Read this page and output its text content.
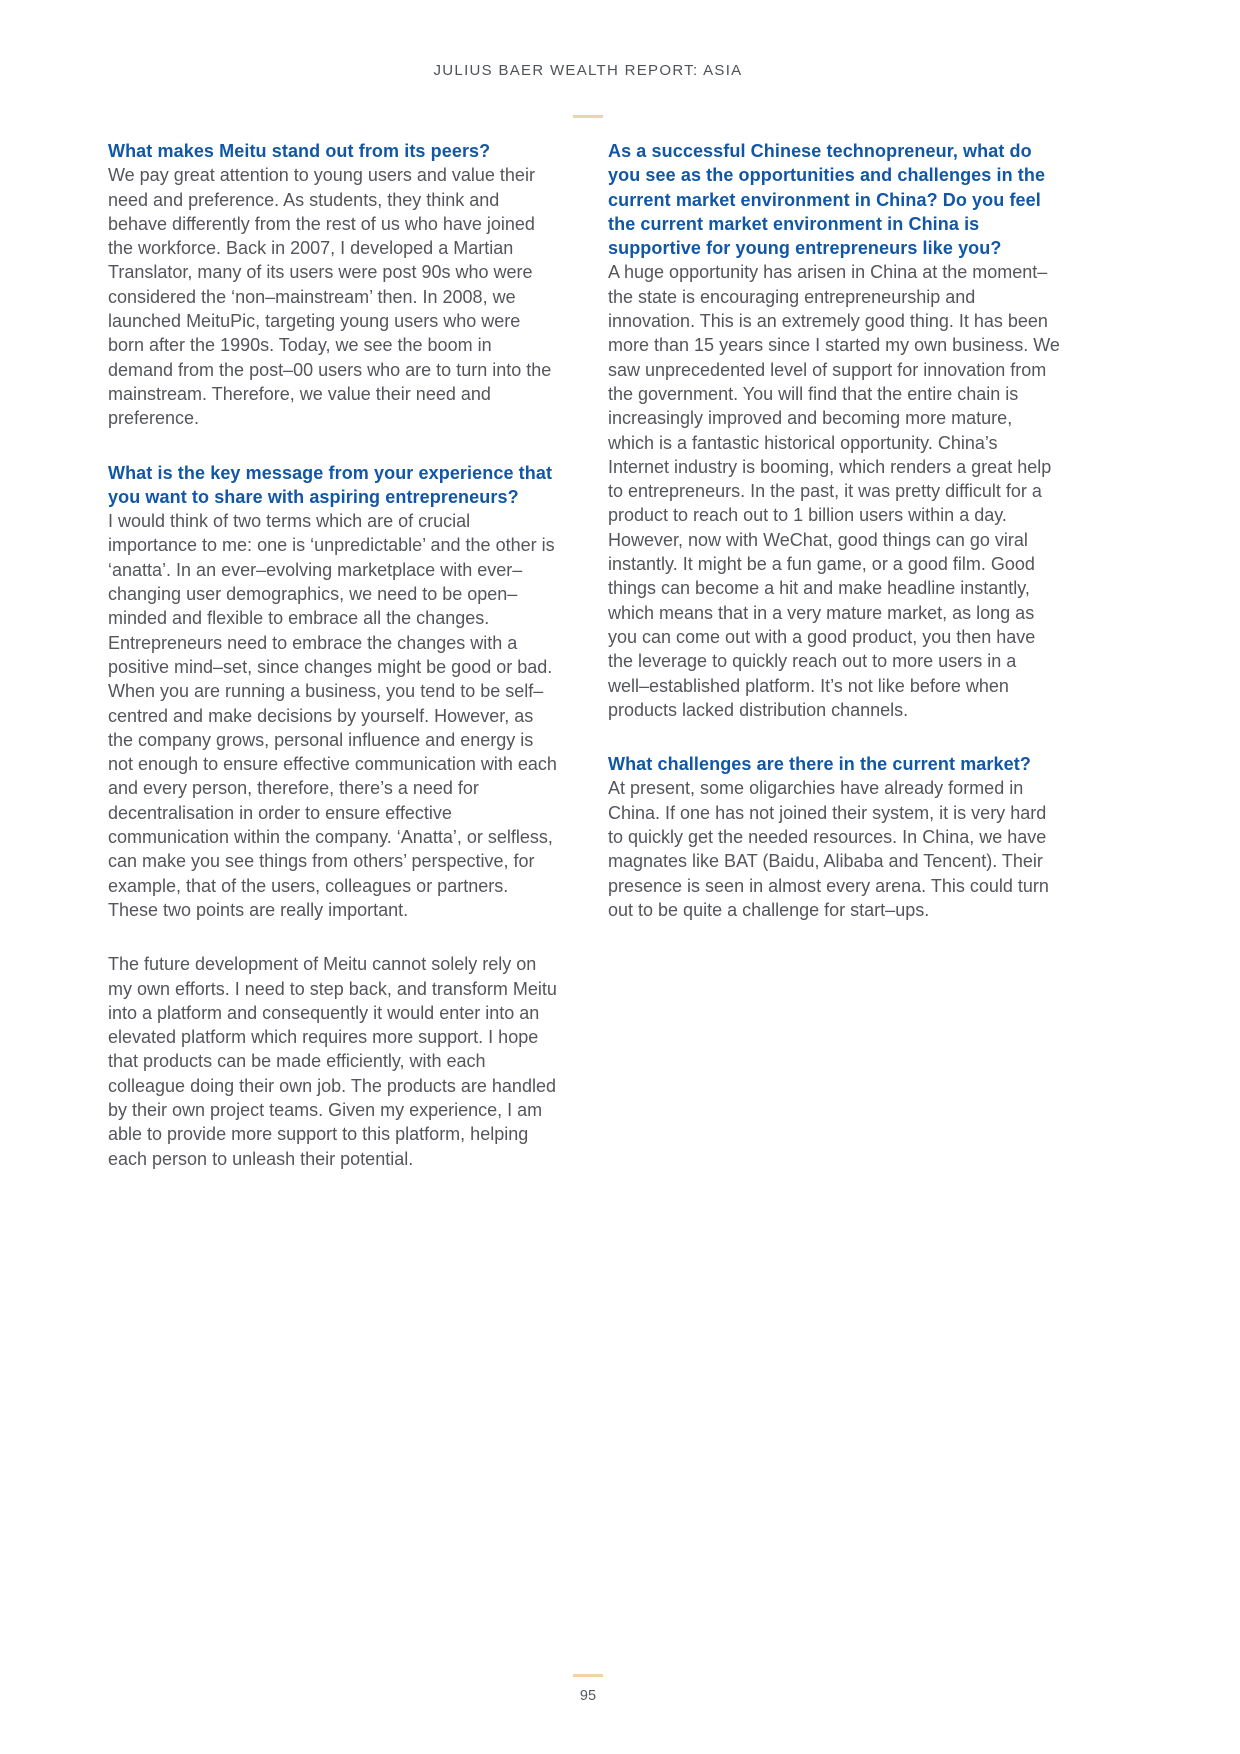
JULIUS BAER WEALTH REPORT: ASIA
What makes Meitu stand out from its peers?
We pay great attention to young users and value their need and preference. As students, they think and behave differently from the rest of us who have joined the workforce. Back in 2007, I developed a Martian Translator, many of its users were post 90s who were considered the ‘non–mainstream’ then. In 2008, we launched MeituPic, targeting young users who were born after the 1990s. Today, we see the boom in demand from the post–00 users who are to turn into the mainstream. Therefore, we value their need and preference.
What is the key message from your experience that you want to share with aspiring entrepreneurs?
I would think of two terms which are of crucial importance to me: one is ‘unpredictable’ and the other is ‘anatta’. In an ever–evolving marketplace with ever–changing user demographics, we need to be open–minded and flexible to embrace all the changes. Entrepreneurs need to embrace the changes with a positive mind–set, since changes might be good or bad. When you are running a business, you tend to be self–centred and make decisions by yourself. However, as the company grows, personal influence and energy is not enough to ensure effective communication with each and every person, therefore, there’s a need for decentralisation in order to ensure effective communication within the company. ‘Anatta’, or selfless, can make you see things from others’ perspective, for example, that of the users, colleagues or partners. These two points are really important.
The future development of Meitu cannot solely rely on my own efforts. I need to step back, and transform Meitu into a platform and consequently it would enter into an elevated platform which requires more support. I hope that products can be made efficiently, with each colleague doing their own job. The products are handled by their own project teams. Given my experience, I am able to provide more support to this platform, helping each person to unleash their potential.
As a successful Chinese technopreneur, what do you see as the opportunities and challenges in the current market environment in China? Do you feel the current market environment in China is supportive for young entrepreneurs like you?
A huge opportunity has arisen in China at the moment–the state is encouraging entrepreneurship and innovation. This is an extremely good thing. It has been more than 15 years since I started my own business. We saw unprecedented level of support for innovation from the government. You will find that the entire chain is increasingly improved and becoming more mature, which is a fantastic historical opportunity. China’s Internet industry is booming, which renders a great help to entrepreneurs. In the past, it was pretty difficult for a product to reach out to 1 billion users within a day. However, now with WeChat, good things can go viral instantly. It might be a fun game, or a good film. Good things can become a hit and make headline instantly, which means that in a very mature market, as long as you can come out with a good product, you then have the leverage to quickly reach out to more users in a well–established platform. It’s not like before when products lacked distribution channels.
What challenges are there in the current market?
At present, some oligarchies have already formed in China. If one has not joined their system, it is very hard to quickly get the needed resources. In China, we have magnates like BAT (Baidu, Alibaba and Tencent). Their presence is seen in almost every arena. This could turn out to be quite a challenge for start–ups.
95
